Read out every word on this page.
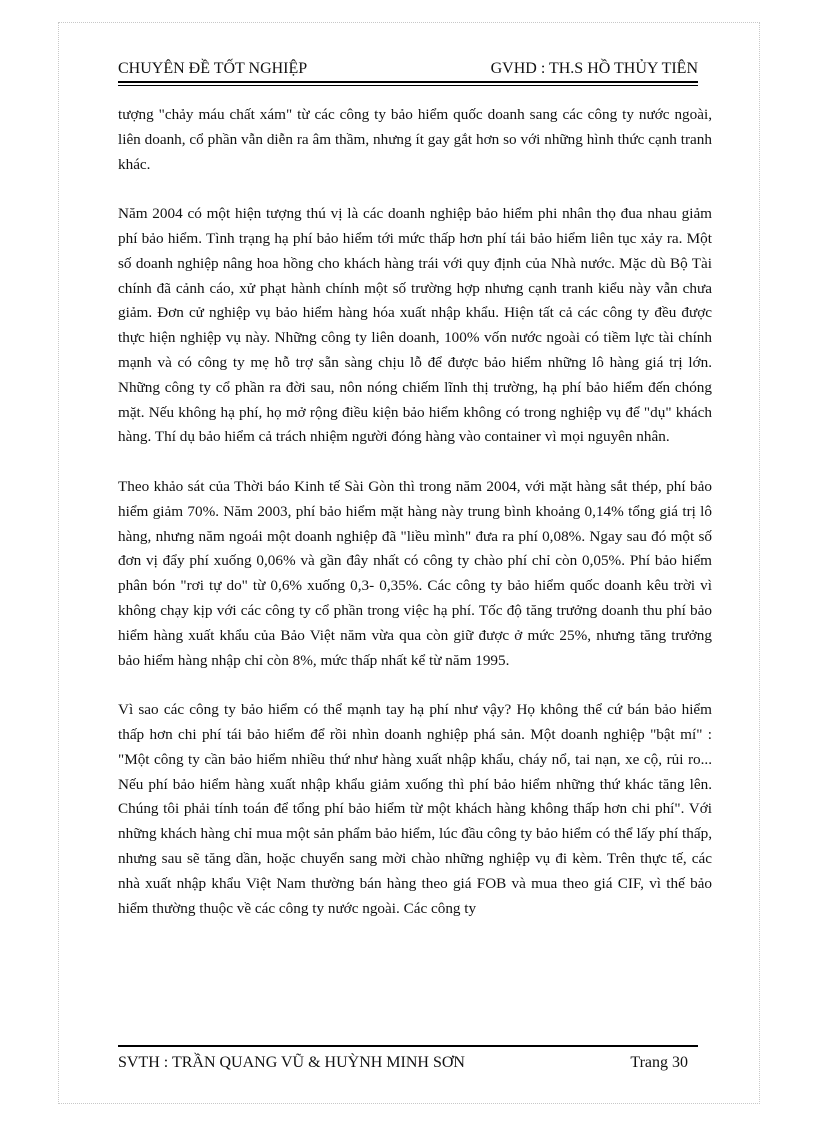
CHUYÊN ĐỀ TỐT NGHIỆP	GVHD : TH.S HỒ THỦY TIÊN

tượng "chảy máu chất xám" từ các công ty bảo hiểm quốc doanh sang các công ty nước ngoài, liên doanh, cổ phần vẫn diễn ra âm thầm, nhưng ít gay gắt hơn so với những hình thức cạnh tranh khác.

Năm 2004 có một hiện tượng thú vị là các doanh nghiệp bảo hiểm phi nhân thọ đua nhau giảm phí bảo hiểm. Tình trạng hạ phí bảo hiểm tới mức thấp hơn phí tái bảo hiểm liên tục xảy ra. Một số doanh nghiệp nâng hoa hồng cho khách hàng trái với quy định của Nhà nước. Mặc dù Bộ Tài chính đã cảnh cáo, xử phạt hành chính một số trường hợp nhưng cạnh tranh kiểu này vẫn chưa giảm. Đơn cử nghiệp vụ bảo hiểm hàng hóa xuất nhập khẩu. Hiện tất cả các công ty đều được thực hiện nghiệp vụ này. Những công ty liên doanh, 100% vốn nước ngoài có tiềm lực tài chính mạnh và có công ty mẹ hỗ trợ sẵn sàng chịu lỗ để được bảo hiểm những lô hàng giá trị lớn. Những công ty cổ phần ra đời sau, nôn nóng chiếm lĩnh thị trường, hạ phí bảo hiểm đến chóng mặt. Nếu không hạ phí, họ mở rộng điều kiện bảo hiểm không có trong nghiệp vụ để "dụ" khách hàng. Thí dụ bảo hiểm cả trách nhiệm người đóng hàng vào container vì mọi nguyên nhân.

Theo khảo sát của Thời báo Kinh tế Sài Gòn thì trong năm 2004, với mặt hàng sắt thép, phí bảo hiểm giảm 70%. Năm 2003, phí bảo hiểm mặt hàng này trung bình khoảng 0,14% tổng giá trị lô hàng, nhưng năm ngoái một doanh nghiệp đã "liều mình" đưa ra phí 0,08%. Ngay sau đó một số đơn vị đẩy phí xuống 0,06% và gần đây nhất có công ty chào phí chỉ còn 0,05%. Phí bảo hiểm phân bón "rơi tự do" từ 0,6% xuống 0,3- 0,35%. Các công ty bảo hiểm quốc doanh kêu trời vì không chạy kịp với các công ty cổ phần trong việc hạ phí. Tốc độ tăng trưởng doanh thu phí bảo hiểm hàng xuất khẩu của Bảo Việt năm vừa qua còn giữ được ở mức 25%, nhưng tăng trưởng bảo hiểm hàng nhập chỉ còn 8%, mức thấp nhất kể từ năm 1995.

Vì sao các công ty bảo hiểm có thể mạnh tay hạ phí như vậy? Họ không thể cứ bán bảo hiểm thấp hơn chi phí tái bảo hiểm để rồi nhìn doanh nghiệp phá sản. Một doanh nghiệp "bật mí" : "Một công ty cần bảo hiểm nhiều thứ như hàng xuất nhập khẩu, cháy nổ, tai nạn, xe cộ, rủi ro... Nếu phí bảo hiểm hàng xuất nhập khẩu giảm xuống thì phí bảo hiểm những thứ khác tăng lên. Chúng tôi phải tính toán để tổng phí bảo hiểm từ một khách hàng không thấp hơn chi phí". Với những khách hàng chỉ mua một sản phẩm bảo hiểm, lúc đầu công ty bảo hiểm có thể lấy phí thấp, nhưng sau sẽ tăng dần, hoặc chuyển sang mời chào những nghiệp vụ đi kèm. Trên thực tế, các nhà xuất nhập khẩu Việt Nam thường bán hàng theo giá FOB và mua theo giá CIF, vì thế bảo hiểm thường thuộc về các công ty nước ngoài. Các công ty

SVTH : TRẦN QUANG VŨ & HUỲNH MINH SƠN	Trang 30
